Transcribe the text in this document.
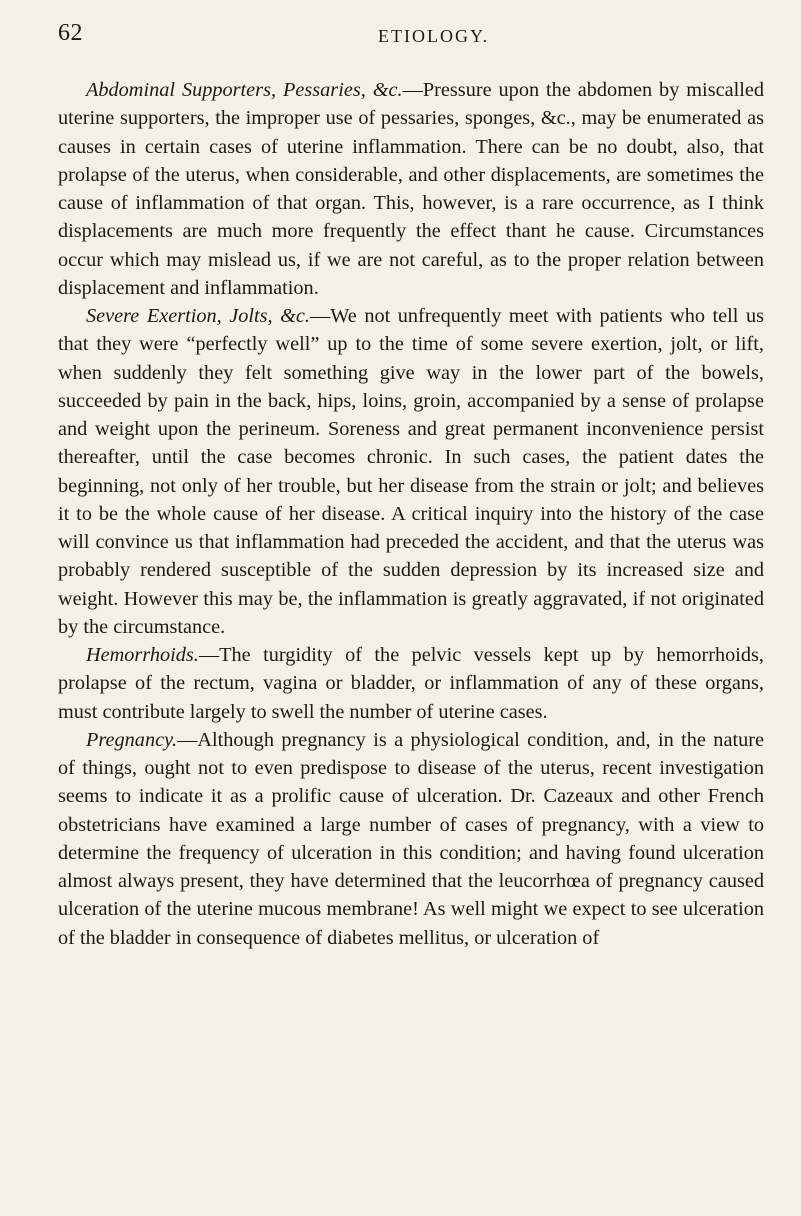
62	ETIOLOGY.

Abdominal Supporters, Pessaries, &c.—Pressure upon the abdomen by miscalled uterine supporters, the improper use of pessaries, sponges, &c., may be enumerated as causes in certain cases of uterine inflammation. There can be no doubt, also, that prolapse of the uterus, when considerable, and other displacements, are sometimes the cause of inflammation of that organ. This, however, is a rare occurrence, as I think displacements are much more frequently the effect thant he cause. Circumstances occur which may mislead us, if we are not careful, as to the proper relation between displacement and inflammation.

Severe Exertion, Jolts, &c.—We not unfrequently meet with patients who tell us that they were “perfectly well” up to the time of some severe exertion, jolt, or lift, when suddenly they felt something give way in the lower part of the bowels, succeeded by pain in the back, hips, loins, groin, accompanied by a sense of prolapse and weight upon the perineum. Soreness and great permanent inconvenience persist thereafter, until the case becomes chronic. In such cases, the patient dates the beginning, not only of her trouble, but her disease from the strain or jolt; and believes it to be the whole cause of her disease. A critical inquiry into the history of the case will convince us that inflammation had preceded the accident, and that the uterus was probably rendered susceptible of the sudden depression by its increased size and weight. However this may be, the inflammation is greatly aggravated, if not originated by the circumstance.

Hemorrhoids.—The turgidity of the pelvic vessels kept up by hemorrhoids, prolapse of the rectum, vagina or bladder, or inflammation of any of these organs, must contribute largely to swell the number of uterine cases.

Pregnancy.—Although pregnancy is a physiological condition, and, in the nature of things, ought not to even predispose to disease of the uterus, recent investigation seems to indicate it as a prolific cause of ulceration. Dr. Cazeaux and other French obstetricians have examined a large number of cases of pregnancy, with a view to determine the frequency of ulceration in this condition; and having found ulceration almost always present, they have determined that the leucorrhœa of pregnancy caused ulceration of the uterine mucous membrane! As well might we expect to see ulceration of the bladder in consequence of diabetes mellitus, or ulceration of
